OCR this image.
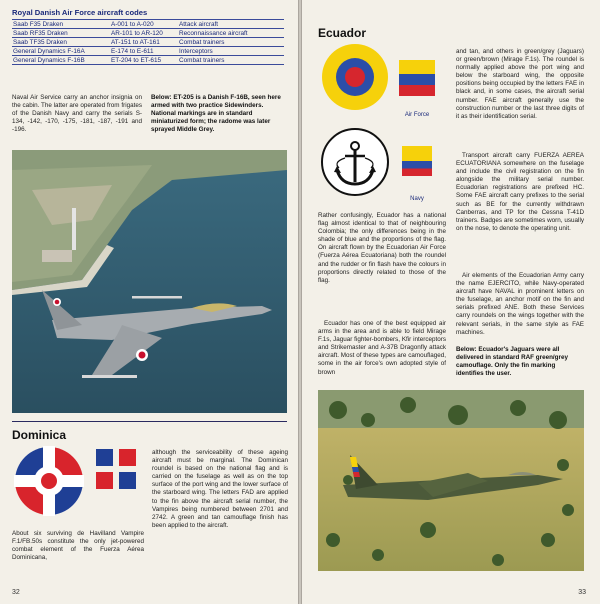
Royal Danish Air Force aircraft codes
Saab F35 Draken	A-001 to A-020	Attack aircraft
Saab RF35 Draken	AR-101 to AR-120	Reconnaissance aircraft
Saab TF35 Draken	AT-151 to AT-161	Combat trainers
General Dynamics F-16A	E-174 to E-611	Interceptors
General Dynamics F-16B	ET-204 to ET-615	Combat trainers
Naval Air Service carry an anchor insignia on the cabin. The latter are operated from frigates of the Danish Navy and carry the serials S-134, -142, -170, -175, -181, -187, -191 and -196.
Below: ET-205 is a Danish F-16B, seen here armed with two practice Sidewinders. National markings are in standard miniaturized form; the radome was later sprayed Middle Grey.
Dominica
About six surviving de Havilland Vampire F.1/FB.50s constitute the only jet-powered combat element of the Fuerza Aérea Dominicana,
although the serviceability of these ageing aircraft must be marginal. The Dominican roundel is based on the national flag and is carried on the fuselage as well as on the top surface of the port wing and the lower surface of the starboard wing. The letters FAD are applied to the fin above the aircraft serial number, the Vampires being numbered between 2701 and 2742. A green and tan camouflage finish has been applied to the aircraft.
32
Ecuador
Air Force
Navy
Rather confusingly, Ecuador has a national flag almost identical to that of neighbouring Colombia; the only differences being in the shade of blue and the proportions of the flag. On aircraft flown by the Ecuadorian Air Force (Fuerza Aérea Ecuatoriana) both the roundel and the rudder or fin flash have the colours in proportions directly related to those of the flag.
Ecuador has one of the best equipped air arms in the area and is able to field Mirage F.1s, Jaguar fighter-bombers, Kfir interceptors and Strikemaster and A-37B Dragonfly attack aircraft. Most of these types are camouflaged, some in the air force's own adopted style of brown
and tan, and others in green/grey (Jaguars) or green/brown (Mirage F.1s). The roundel is normally applied above the port wing and below the starboard wing, the opposite positions being occupied by the letters FAE in black and, in some cases, the aircraft serial number. FAE aircraft generally use the construction number or the last three digits of it as their identification serial.
Transport aircraft carry FUERZA AEREA ECUATORIANA somewhere on the fuselage and include the civil registration on the fin alongside the military serial number. Ecuadorian registrations are prefixed HC. Some FAE aircraft carry prefixes to the serial such as BE for the currently withdrawn Canberras, and TP for the Cessna T-41D trainers. Badges are sometimes worn, usually on the nose, to denote the operating unit.
Air elements of the Ecuadorian Army carry the name EJERCITO, while Navy-operated aircraft have NAVAL in prominent letters on the fuselage, an anchor motif on the fin and serials prefixed ANE. Both these Services carry roundels on the wings together with the relevant serials, in the same style as FAE machines.
Below: Ecuador's Jaguars were all delivered in standard RAF green/grey camouflage. Only the fin marking identifies the user.
33
